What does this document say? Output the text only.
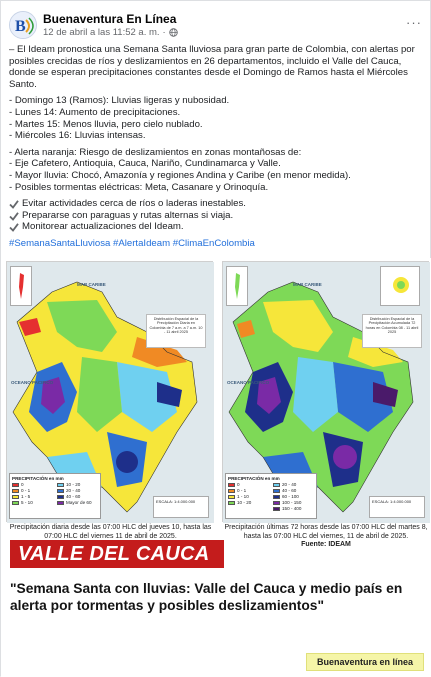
B Buenaventura En Línea
12 de abril a las 11:52 a. m. ·
···

– El Ideam pronostica una Semana Santa lluviosa para gran parte de Colombia, con alertas por posibles crecidas de ríos y deslizamientos en 26 departamentos, incluido el Valle del Cauca, donde se esperan precipitaciones constantes desde el Domingo de Ramos hasta el Miércoles Santo.

- Domingo 13 (Ramos): Lluvias ligeras y nubosidad.

- Lunes 14: Aumento de precipitaciones.

- Martes 15: Menos lluvia, pero cielo nublado.

- Miércoles 16: Lluvias intensas.

- Alerta naranja: Riesgo de deslizamientos en zonas montañosas de:

- Eje Cafetero, Antioquia, Cauca, Nariño, Cundinamarca y Valle.

- Mayor lluvia: Chocó, Amazonía y regiones Andina y Caribe (en menor medida).

- Posibles tormentas eléctricas: Meta, Casanare y Orinoquía.

Evitar actividades cerca de ríos o laderas inestables.
Prepararse con paraguas y rutas alternas si viaja.
Monitorear actualizaciones del Ideam.

#SemanaSantaLluviosa #AlertaIdeam #ClimaEnColombia

MAR CARIBE
OCEANO PACIFICO
Distribución Espacial de la Precipitación Diaria en Colombia de 7 a.m. a 7 a.m. 10 - 11 abril 2025
PRECIPITACIÓN en mm
0	10 - 20
0 - 1	20 - 40
1 - 5	40 - 60
5 - 10	Mayor de 60	ESCALA: 1:4.000.000
MAR CARIBE
OCEANO PACIFICO
Distribución Espacial de la Precipitación Acumulada 72 horas en Colombia 08 - 11 abril 2025
PRECIPITACIÓN en mm
0	20 - 40
0 - 1	40 - 60
1 - 10	60 - 100
10 - 20	100 - 150
150 - 400
ESCALA: 1:4.000.000
Precipitación diaria desde las 07:00 HLC del jueves 10, hasta las 07:00 HLC del viernes 11 de abril de 2025.
Precipitación últimas 72 horas desde las 07:00 HLC del martes 8, hasta las 07:00 HLC del viernes, 11 de abril de 2025.
Fuente: IDEAM
VALLE DEL CAUCA
"Semana Santa con lluvias: Valle del Cauca y medio país en alerta por tormentas y posibles deslizamientos"
Buenaventura en línea
